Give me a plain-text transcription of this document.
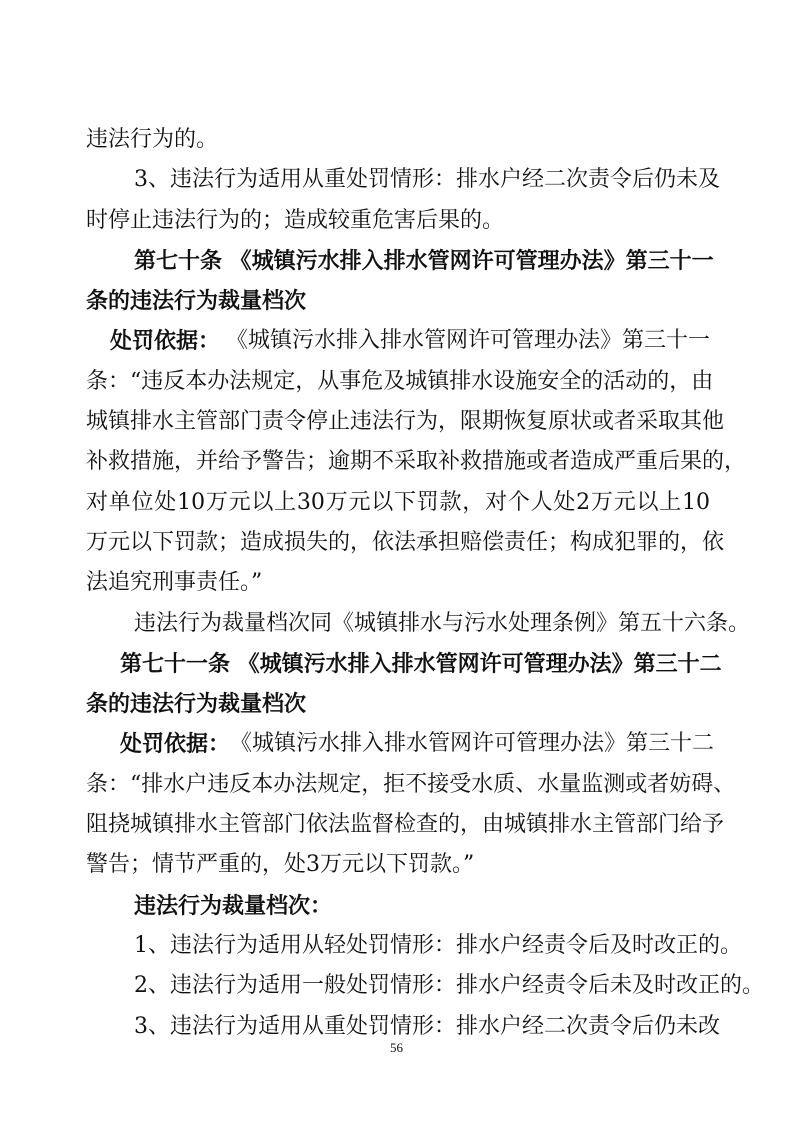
违法行为的。
3、违法行为适用从重处罚情形：排水户经二次责令后仍未及
时停止违法行为的；造成较重危害后果的。
第七十条 《城镇污水排入排水管网许可管理办法》第三十一
条的违法行为裁量档次
处罚依据： 《城镇污水排入排水管网许可管理办法》第三十一
条：“违反本办法规定，从事危及城镇排水设施安全的活动的，由
城镇排水主管部门责令停止违法行为，限期恢复原状或者采取其他
补救措施，并给予警告；逾期不采取补救措施或者造成严重后果的，
对单位处10万元以上30万元以下罚款，对个人处2万元以上10
万元以下罚款；造成损失的，依法承担赔偿责任；构成犯罪的，依
法追究刑事责任。”
违法行为裁量档次同《城镇排水与污水处理条例》第五十六条。
第七十一条 《城镇污水排入排水管网许可管理办法》第三十二
条的违法行为裁量档次
处罚依据： 《城镇污水排入排水管网许可管理办法》第三十二
条：“排水户违反本办法规定，拒不接受水质、水量监测或者妨碍、
阻挠城镇排水主管部门依法监督检查的，由城镇排水主管部门给予
警告；情节严重的，处3万元以下罚款。”
违法行为裁量档次：
1、违法行为适用从轻处罚情形：排水户经责令后及时改正的。
2、违法行为适用一般处罚情形：排水户经责令后未及时改正的。
3、违法行为适用从重处罚情形：排水户经二次责令后仍未改
56
